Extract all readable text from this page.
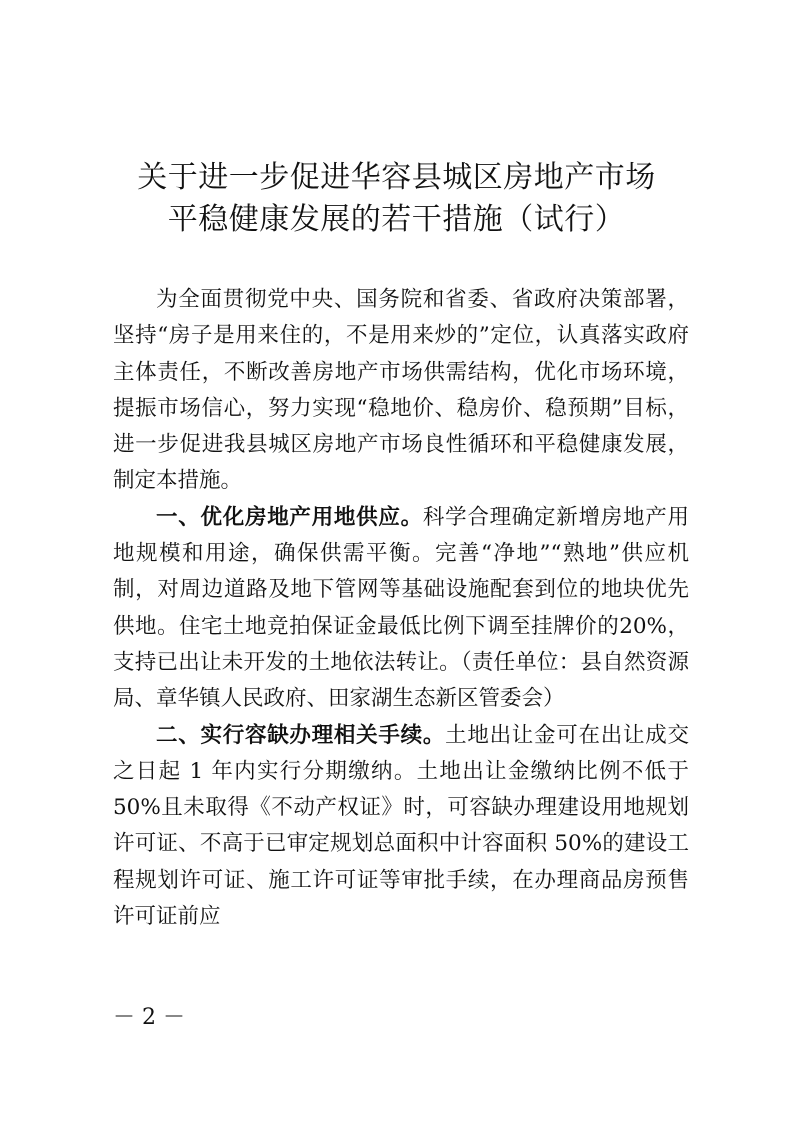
关于进一步促进华容县城区房地产市场
平稳健康发展的若干措施（试行）

为全面贯彻党中央、国务院和省委、省政府决策部署，坚持“房子是用来住的，不是用来炒的”定位，认真落实政府主体责任，不断改善房地产市场供需结构，优化市场环境，提振市场信心，努力实现“稳地价、稳房价、稳预期”目标，进一步促进我县城区房地产市场良性循环和平稳健康发展，制定本措施。

一、优化房地产用地供应。科学合理确定新增房地产用地规模和用途，确保供需平衡。完善“净地”“熟地”供应机制，对周边道路及地下管网等基础设施配套到位的地块优先供地。住宅土地竞拍保证金最低比例下调至挂牌价的20%，支持已出让未开发的土地依法转让。（责任单位：县自然资源局、章华镇人民政府、田家湖生态新区管委会）

二、实行容缺办理相关手续。土地出让金可在出让成交之日起 1 年内实行分期缴纳。土地出让金缴纳比例不低于 50%且未取得《不动产权证》时，可容缺办理建设用地规划许可证、不高于已审定规划总面积中计容面积 50%的建设工程规划许可证、施工许可证等审批手续，在办理商品房预售许可证前应

－ 2 －
